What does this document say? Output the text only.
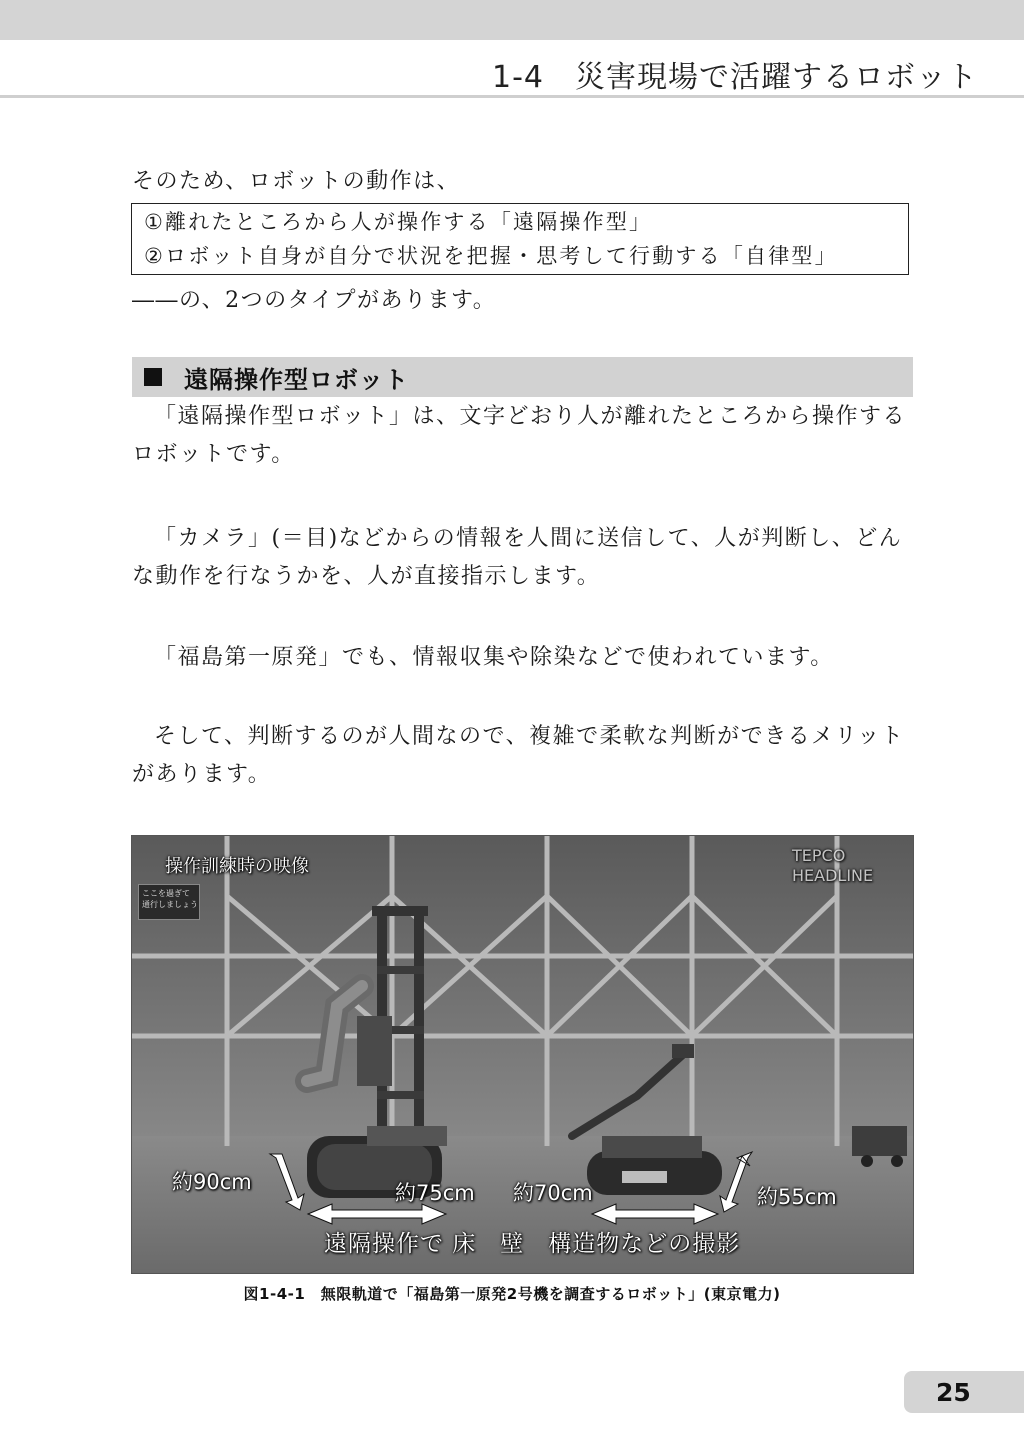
1-4　災害現場で活躍するロボット
そのため、ロボットの動作は、
①離れたところから人が操作する「遠隔操作型」
②ロボット自身が自分で状況を把握・思考して行動する「自律型」
――の、2つのタイプがあります。
遠隔操作型ロボット
「遠隔操作型ロボット」は、文字どおり人が離れたところから操作するロボットです。
「カメラ」(＝目)などからの情報を人間に送信して、人が判断し、どんな動作を行なうかを、人が直接指示します。
「福島第一原発」でも、情報収集や除染などで使われています。
そして、判断するのが人間なので、複雑で柔軟な判断ができるメリットがあります。
操作訓練時の映像
TEPCO
HEADLINE
ここを過ぎて
通行しましょう
約90cm	約75cm 約70cm	約55cm
遠隔操作で 床　壁　構造物などの撮影
図1-4-1　無限軌道で「福島第一原発2号機を調査するロボット」(東京電力)
25
